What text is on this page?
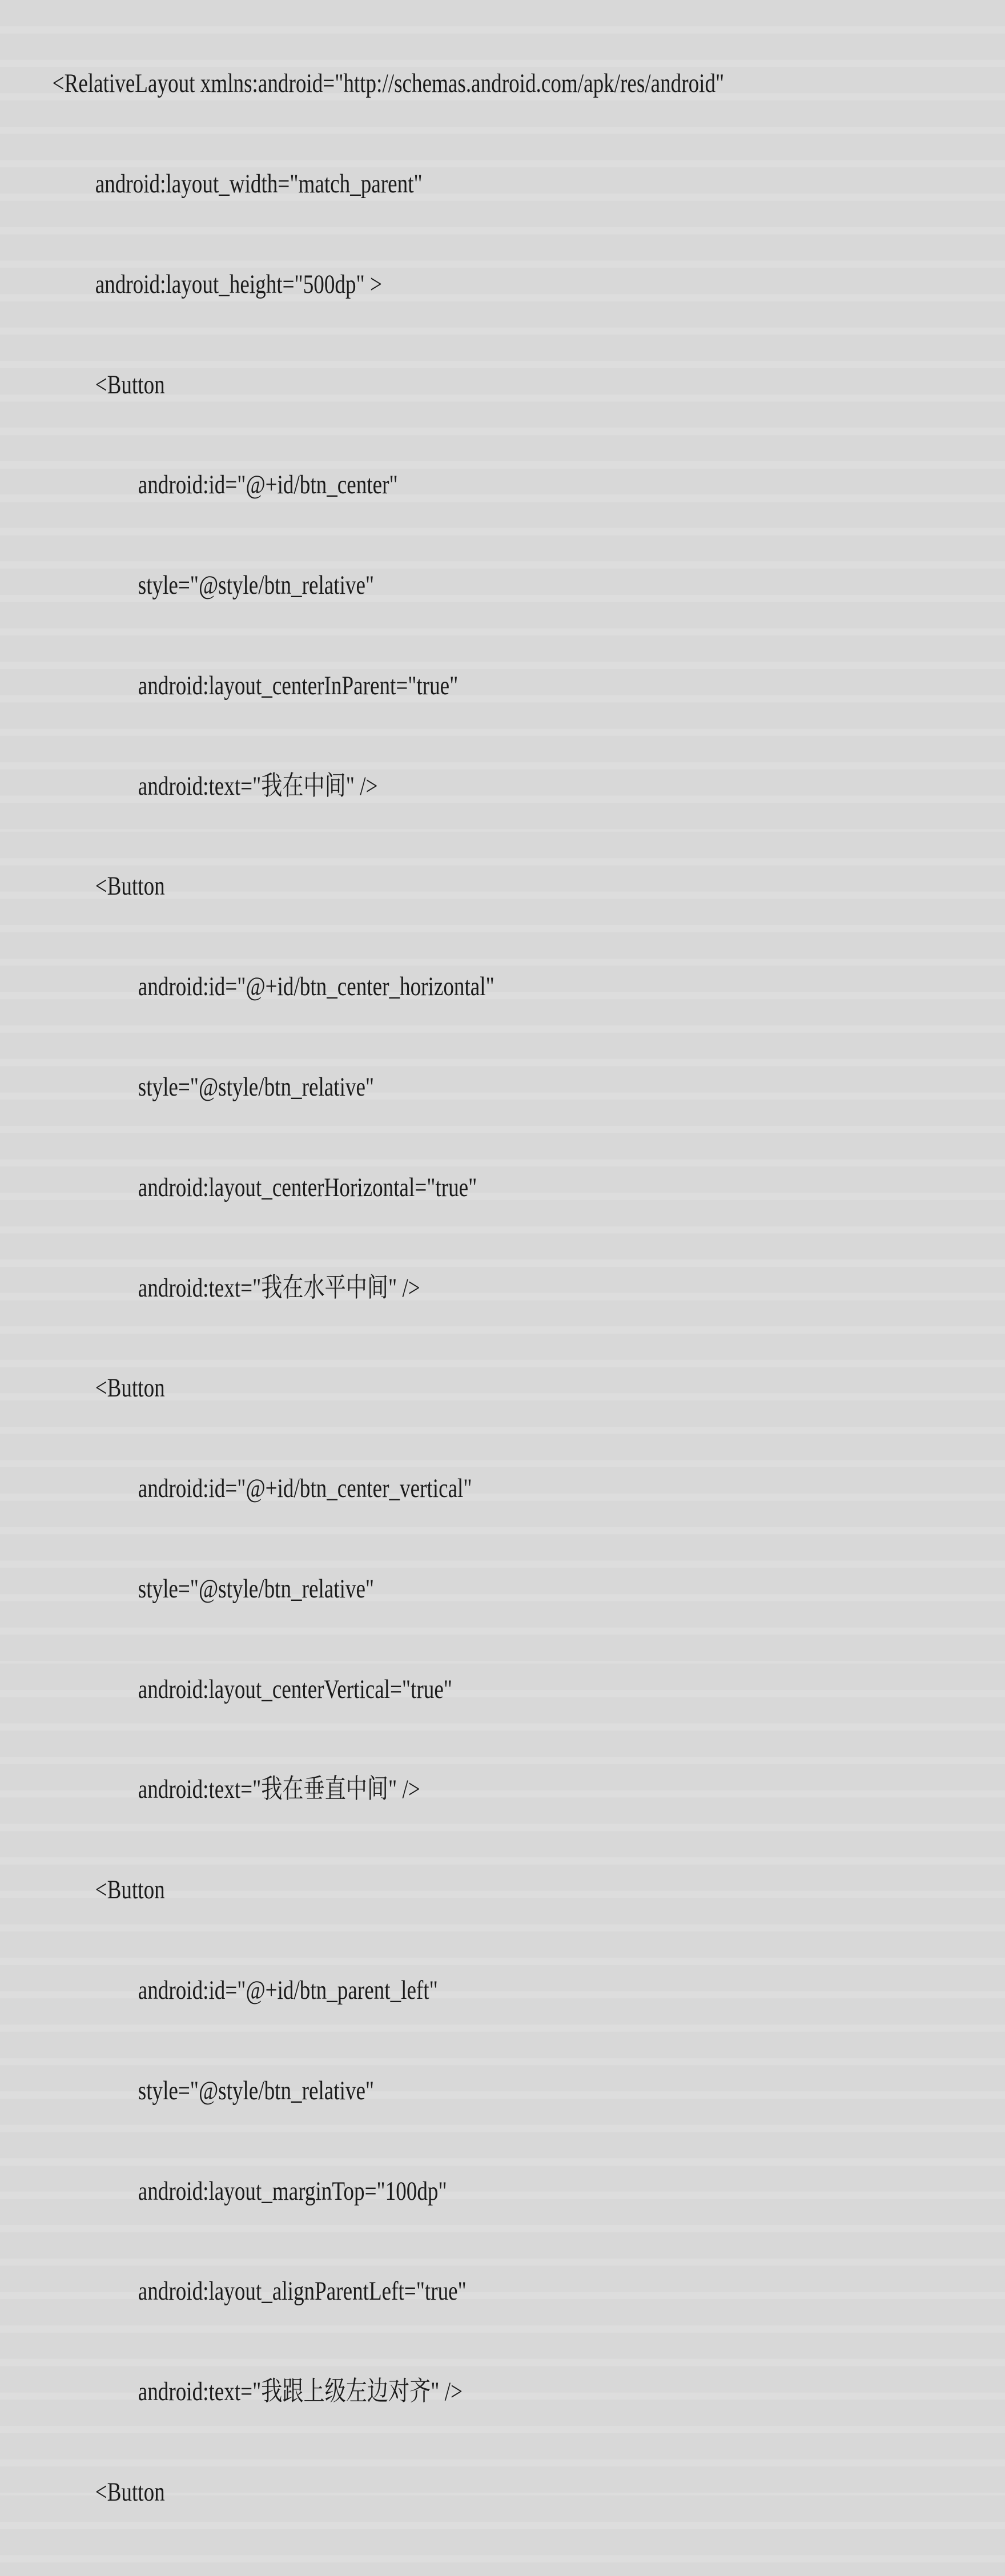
<RelativeLayout xmlns:android="http://schemas.android.com/apk/res/android"

android:layout_width="match_parent"

android:layout_height="500dp" >

<Button

android:id="@+id/btn_center"

style="@style/btn_relative"

android:layout_centerInParent="true"

android:text="我在中间" />

<Button

android:id="@+id/btn_center_horizontal"

style="@style/btn_relative"

android:layout_centerHorizontal="true"

android:text="我在水平中间" />

<Button

android:id="@+id/btn_center_vertical"

style="@style/btn_relative"

android:layout_centerVertical="true"

android:text="我在垂直中间" />

<Button

android:id="@+id/btn_parent_left"

style="@style/btn_relative"

android:layout_marginTop="100dp"

android:layout_alignParentLeft="true"

android:text="我跟上级左边对齐" />

<Button
